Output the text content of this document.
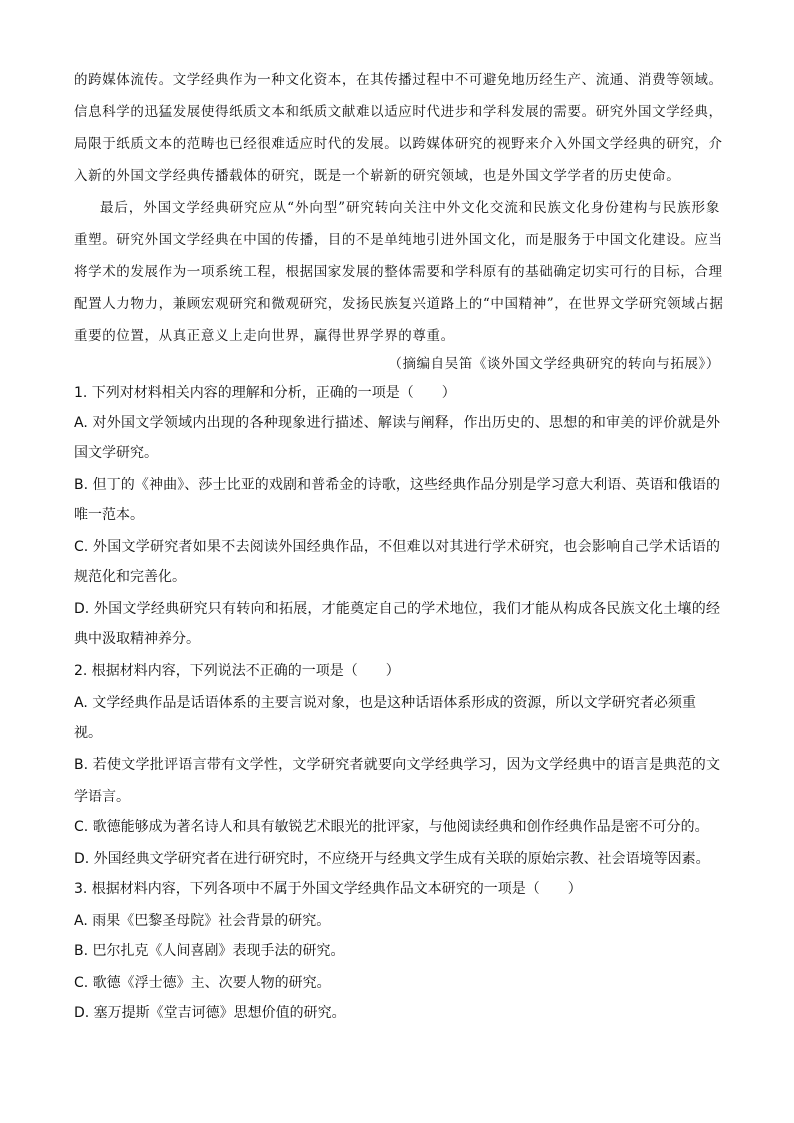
的跨媒体流传。文学经典作为一种文化资本，在其传播过程中不可避免地历经生产、流通、消费等领域。
信息科学的迅猛发展使得纸质文本和纸质文献难以适应时代进步和学科发展的需要。研究外国文学经典，
局限于纸质文本的范畴也已经很难适应时代的发展。以跨媒体研究的视野来介入外国文学经典的研究，介
入新的外国文学经典传播载体的研究，既是一个崭新的研究领域，也是外国文学学者的历史使命。
最后，外国文学经典研究应从“外向型”研究转向关注中外文化交流和民族文化身份建构与民族形象
重塑。研究外国文学经典在中国的传播，目的不是单纯地引进外国文化，而是服务于中国文化建设。应当
将学术的发展作为一项系统工程，根据国家发展的整体需要和学科原有的基础确定切实可行的目标，合理
配置人力物力，兼顾宏观研究和微观研究，发扬民族复兴道路上的“中国精神”，在世界文学研究领域占据
重要的位置，从真正意义上走向世界，赢得世界学界的尊重。
（摘编自吴笛《谈外国文学经典研究的转向与拓展》）
1. 下列对材料相关内容的理解和分析，正确的一项是（　　）
A. 对外国文学领域内出现的各种现象进行描述、解读与阐释，作出历史的、思想的和审美的评价就是外
国文学研究。
B. 但丁的《神曲》、莎士比亚的戏剧和普希金的诗歌，这些经典作品分别是学习意大利语、英语和俄语的
唯一范本。
C. 外国文学研究者如果不去阅读外国经典作品，不但难以对其进行学术研究，也会影响自己学术话语的
规范化和完善化。
D. 外国文学经典研究只有转向和拓展，才能奠定自己的学术地位，我们才能从构成各民族文化土壤的经
典中汲取精神养分。
2. 根据材料内容，下列说法不正确的一项是（　　）
A. 文学经典作品是话语体系的主要言说对象，也是这种话语体系形成的资源，所以文学研究者必须重
视。
B. 若使文学批评语言带有文学性，文学研究者就要向文学经典学习，因为文学经典中的语言是典范的文
学语言。
C. 歌德能够成为著名诗人和具有敏锐艺术眼光的批评家，与他阅读经典和创作经典作品是密不可分的。
D. 外国经典文学研究者在进行研究时，不应绕开与经典文学生成有关联的原始宗教、社会语境等因素。
3. 根据材料内容，下列各项中不属于外国文学经典作品文本研究的一项是（　　）
A. 雨果《巴黎圣母院》社会背景的研究。
B. 巴尔扎克《人间喜剧》表现手法的研究。
C. 歌德《浮士德》主、次要人物的研究。
D. 塞万提斯《堂吉诃德》思想价值的研究。
